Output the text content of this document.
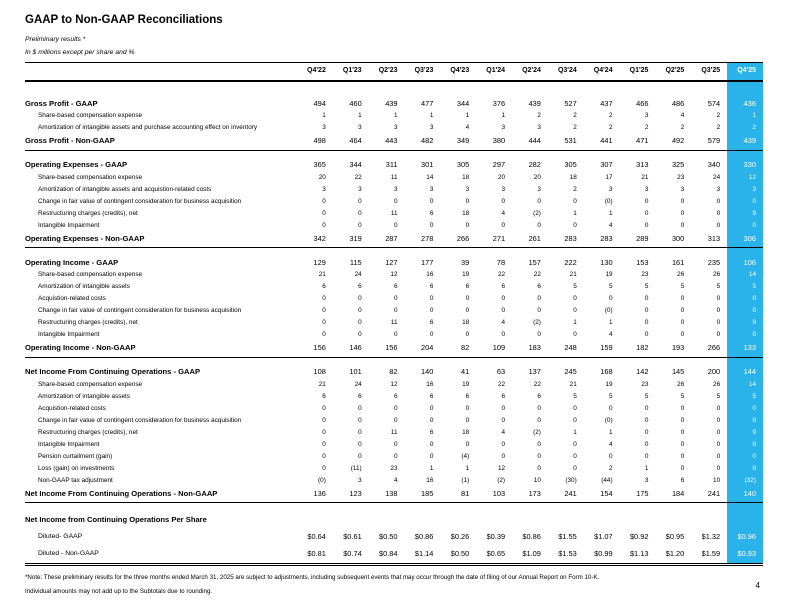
GAAP to Non-GAAP Reconciliations
Preliminary results *
In $ millions except per share and %
	Q4'22	Q1'23	Q2'23	Q3'23	Q4'23	Q1'24	Q2'24	Q3'24	Q4'24	Q1'25	Q2'25	Q3'25	Q4'25

Gross Profit - GAAP	494	460	439	477	344	376	439	527	437	466	486	574	436
Share-based compensation expense	1	1	1	1	1	1	2	2	2	3	4	2	1
Amortization of intangible assets and purchase accounting effect on inventory	3	3	3	3	4	3	3	2	2	2	2	2	2
Gross Profit - Non-GAAP	498	464	443	482	349	380	444	531	441	471	492	579	439

Operating Expenses - GAAP	365	344	311	301	305	297	282	305	307	313	325	340	330
Share-based compensation expense	20	22	11	14	18	20	20	18	17	21	23	24	12
Amortization of intangible assets and acquistion-related costs	3	3	3	3	3	3	3	2	3	3	3	3	3
Change in fair value of contingent consideration for business acquisition	0	0	0	0	0	0	0	0	(0)	0	0	0	0
Restructuring charges (credits), net	0	0	11	6	18	4	(2)	1	1	0	0	0	9
Intangible Impairment	0	0	0	0	0	0	0	0	4	0	0	0	0
Operating Expenses - Non-GAAP	342	319	287	278	266	271	261	283	283	289	300	313	306

Operating Income - GAAP	129	115	127	177	39	78	157	222	130	153	161	235	106
Share-based compensation expense	21	24	12	16	19	22	22	21	19	23	26	26	14
Amortization of intangible assets	6	6	6	6	6	6	6	5	5	5	5	5	5
Acquistion-related costs	0	0	0	0	0	0	0	0	0	0	0	0	0
Change in fair value of contingent consideration for business acquisition	0	0	0	0	0	0	0	0	(0)	0	0	0	0
Restructuring charges (credits), net	0	0	11	6	18	4	(2)	1	1	0	0	0	9
Intangible Impairment	0	0	0	0	0	0	0	0	4	0	0	0	0
Operating Income - Non-GAAP	156	146	156	204	82	109	183	248	159	182	193	266	133

Net Income From Continuing Operations - GAAP	108	101	82	140	41	63	137	245	168	142	145	200	144
Share-based compensation expense	21	24	12	16	19	22	22	21	19	23	26	26	14
Amortization of intangible assets	6	6	6	6	6	6	6	5	5	5	5	5	5
Acquistion-related costs	0	0	0	0	0	0	0	0	0	0	0	0	0
Change in fair value of contingent consideration for business acquisition	0	0	0	0	0	0	0	0	(0)	0	0	0	0
Restructuring charges (credits), net	0	0	11	6	18	4	(2)	1	1	0	0	0	9
Intangible Impairment	0	0	0	0	0	0	0	0	4	0	0	0	0
Pension curtailment (gain)	0	0	0	0	(4)	0	0	0	0	0	0	0	0
Loss (gain) on investments	0	(11)	23	1	1	12	0	0	2	1	0	0	0
Non-GAAP tax adjustment	(0)	3	4	16	(1)	(2)	10	(30)	(44)	3	6	10	(32)
Net Income From Continuing Operations - Non-GAAP	136	123	138	185	81	103	173	241	154	175	184	241	140

Net Income from Continuing Operations Per Share													
Diluted- GAAP	$0.64	$0.61	$0.50	$0.86	$0.26	$0.39	$0.86	$1.55	$1.07	$0.92	$0.95	$1.32	$0.96
Diluted - Non-GAAP	$0.81	$0.74	$0.84	$1.14	$0.50	$0.65	$1.09	$1.53	$0.99	$1.13	$1.20	$1.59	$0.93

*Note: These preliminary results for the three months ended March 31, 2025 are subject to adjustments, including subsequent events that may occur through the date of filing of our Annual Report on Form 10-K.

Individual amounts may not add up to the Subtotals due to rounding.

4
